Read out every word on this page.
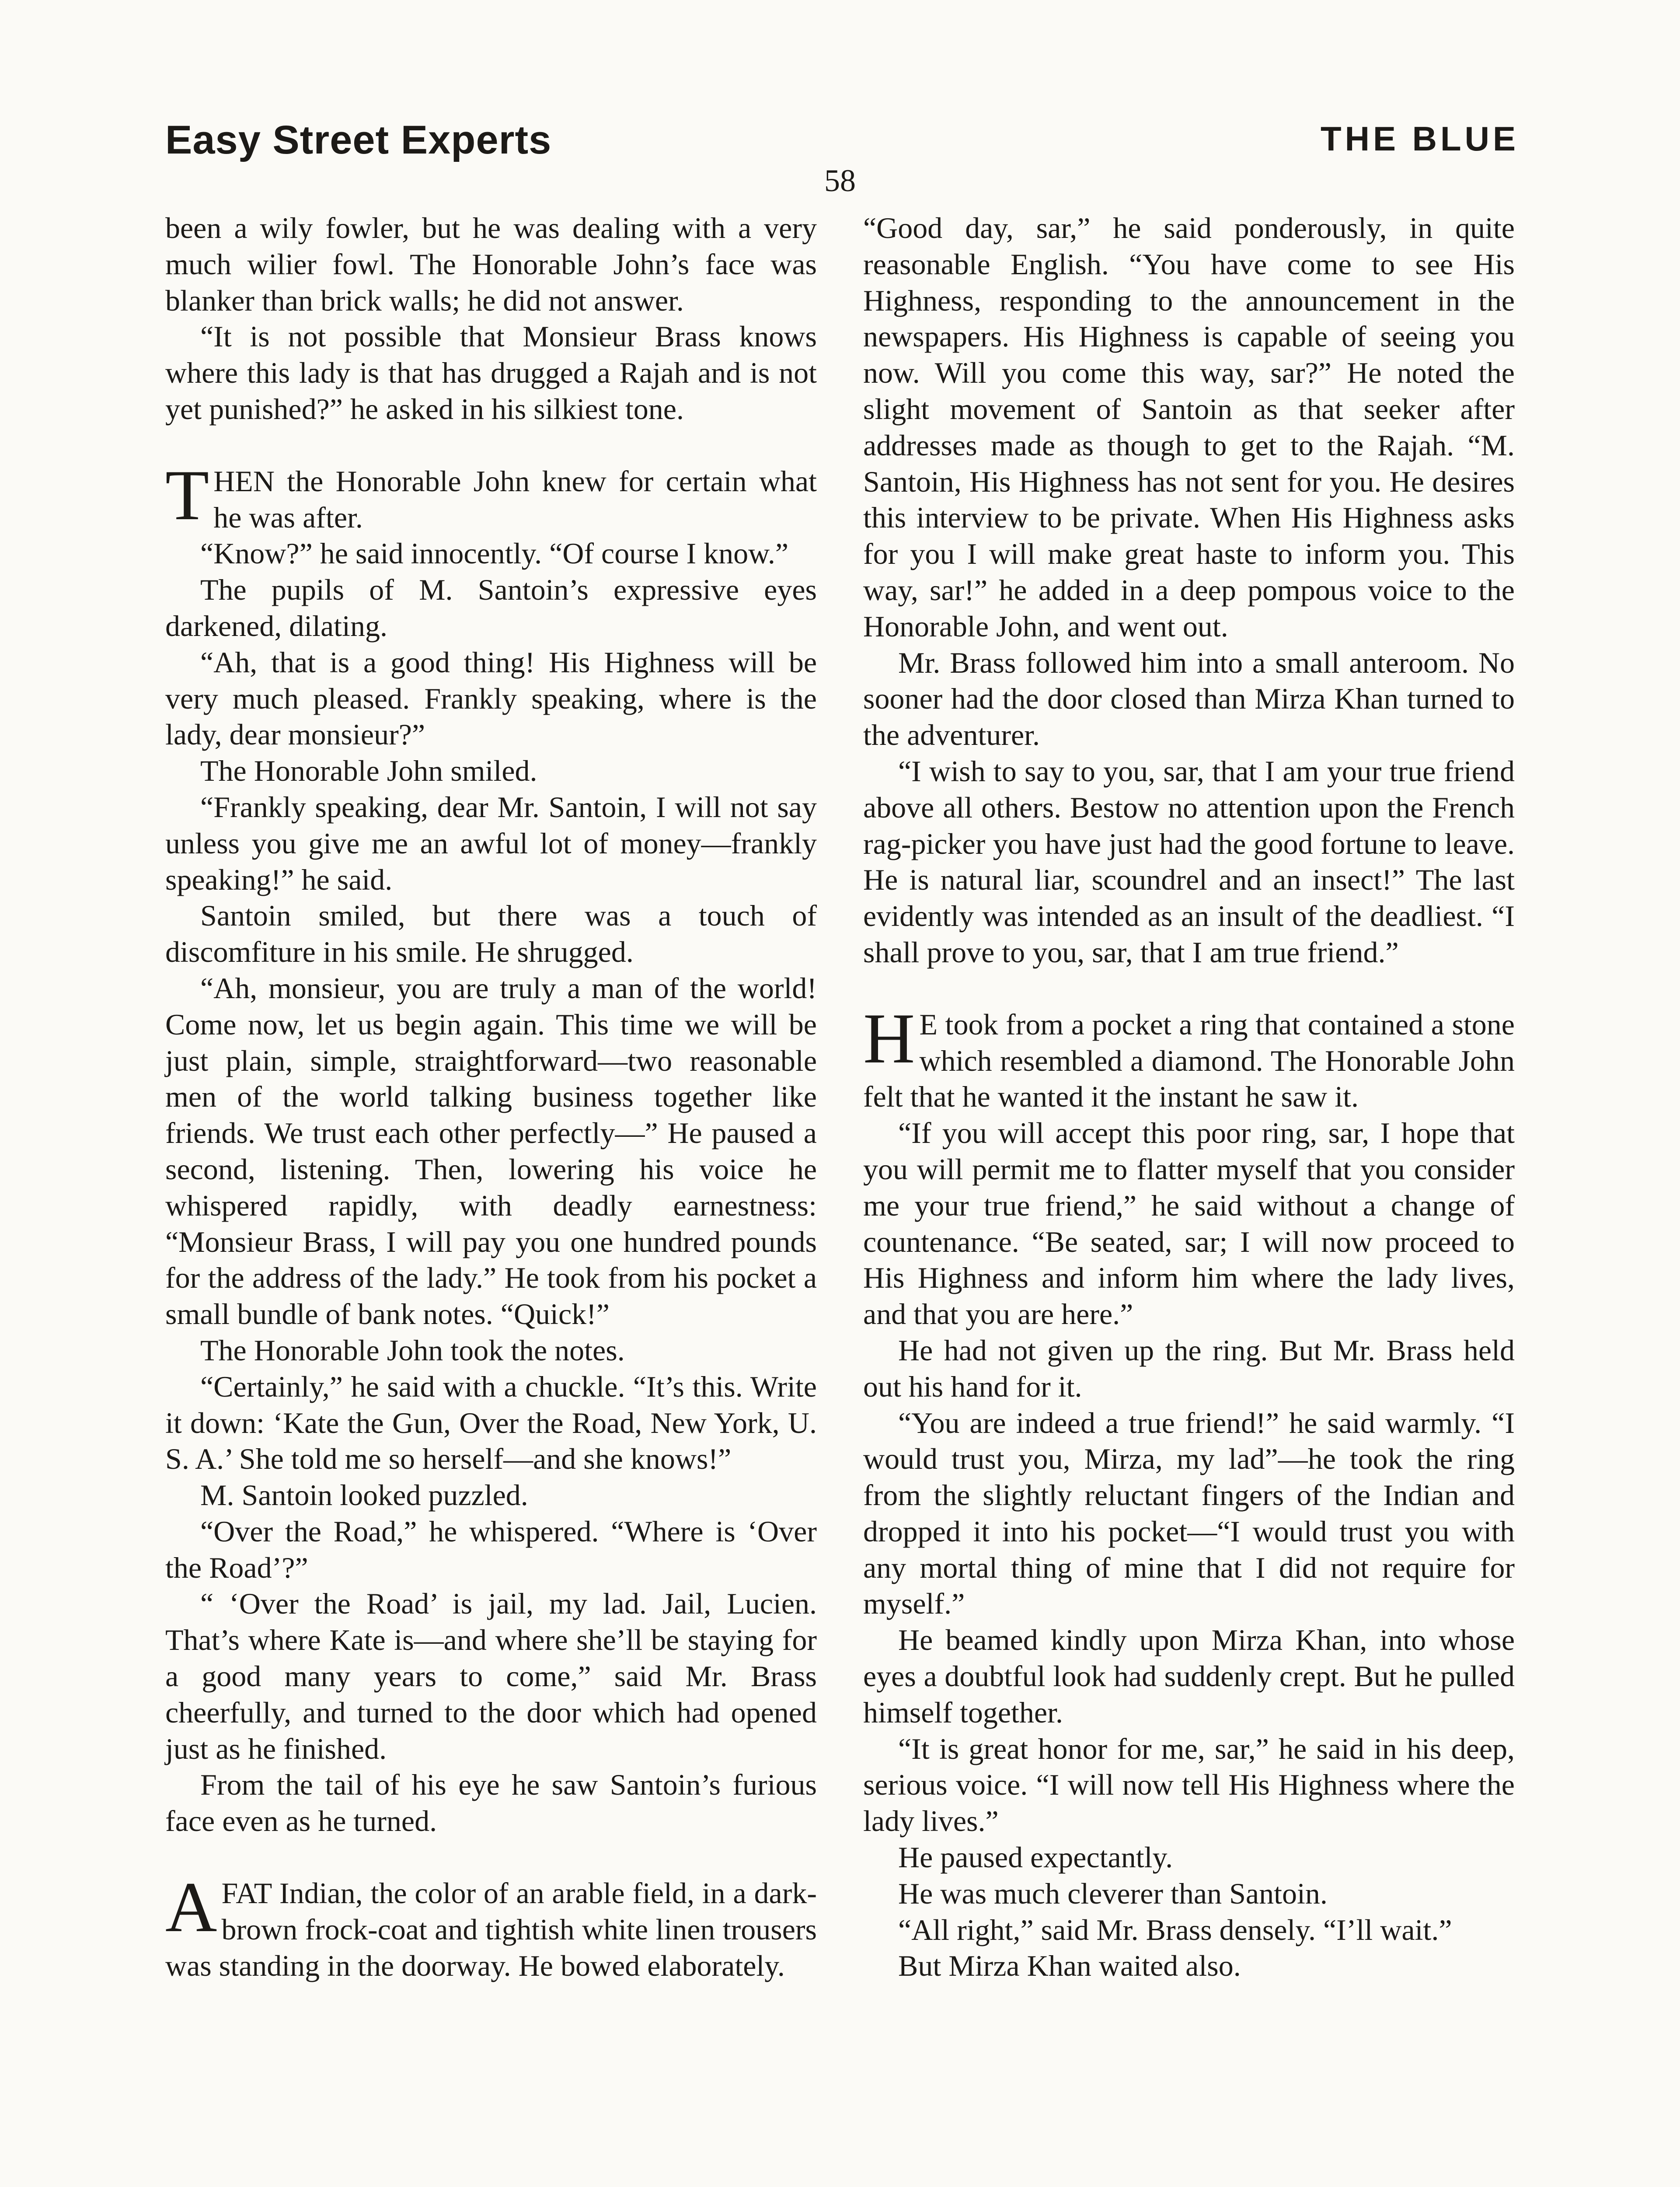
Easy Street Experts	THE BLUE
58

been a wily fowler, but he was dealing with a very much wilier fowl. The Honorable John’s face was blanker than brick walls; he did not answer.

“It is not possible that Monsieur Brass knows where this lady is that has drugged a Rajah and is not yet punished?” he asked in his silkiest tone.

THEN the Honorable John knew for certain what he was after.

“Know?” he said innocently. “Of course I know.”

The pupils of M. Santoin’s expressive eyes darkened, dilating.

“Ah, that is a good thing! His Highness will be very much pleased. Frankly speaking, where is the lady, dear monsieur?”

The Honorable John smiled.

“Frankly speaking, dear Mr. Santoin, I will not say unless you give me an awful lot of money—frankly speaking!” he said.

Santoin smiled, but there was a touch of discomfiture in his smile. He shrugged.

“Ah, monsieur, you are truly a man of the world! Come now, let us begin again. This time we will be just plain, simple, straightforward—two reasonable men of the world talking business together like friends. We trust each other perfectly—” He paused a second, listening. Then, lowering his voice he whispered rapidly, with deadly earnestness: “Monsieur Brass, I will pay you one hundred pounds for the address of the lady.” He took from his pocket a small bundle of bank notes. “Quick!”

The Honorable John took the notes.

“Certainly,” he said with a chuckle. “It’s this. Write it down: ‘Kate the Gun, Over the Road, New York, U. S. A.’ She told me so herself—and she knows!”

M. Santoin looked puzzled.

“Over the Road,” he whispered. “Where is ‘Over the Road’?”

“ ‘Over the Road’ is jail, my lad. Jail, Lucien. That’s where Kate is—and where she’ll be staying for a good many years to come,” said Mr. Brass cheerfully, and turned to the door which had opened just as he finished.

From the tail of his eye he saw Santoin’s furious face even as he turned.

A FAT Indian, the color of an arable field, in a dark-brown frock-coat and tightish white linen trousers was standing in the doorway. He bowed elaborately.

“Good day, sar,” he said ponderously, in quite reasonable English. “You have come to see His Highness, responding to the announcement in the newspapers. His Highness is capable of seeing you now. Will you come this way, sar?” He noted the slight movement of Santoin as that seeker after addresses made as though to get to the Rajah. “M. Santoin, His Highness has not sent for you. He desires this interview to be private. When His Highness asks for you I will make great haste to inform you. This way, sar!” he added in a deep pompous voice to the Honorable John, and went out.

Mr. Brass followed him into a small anteroom. No sooner had the door closed than Mirza Khan turned to the adventurer.

“I wish to say to you, sar, that I am your true friend above all others. Bestow no attention upon the French rag-picker you have just had the good fortune to leave. He is natural liar, scoundrel and an insect!” The last evidently was intended as an insult of the deadliest. “I shall prove to you, sar, that I am true friend.”

H E took from a pocket a ring that contained a stone which resembled a diamond. The Honorable John felt that he wanted it the instant he saw it.

“If you will accept this poor ring, sar, I hope that you will permit me to flatter myself that you consider me your true friend,” he said without a change of countenance. “Be seated, sar; I will now proceed to His Highness and inform him where the lady lives, and that you are here.”

He had not given up the ring. But Mr. Brass held out his hand for it.

“You are indeed a true friend!” he said warmly. “I would trust you, Mirza, my lad”—he took the ring from the slightly reluctant fingers of the Indian and dropped it into his pocket—“I would trust you with any mortal thing of mine that I did not require for myself.”

He beamed kindly upon Mirza Khan, into whose eyes a doubtful look had suddenly crept. But he pulled himself together.

“It is great honor for me, sar,” he said in his deep, serious voice. “I will now tell His Highness where the lady lives.”

He paused expectantly.

He was much cleverer than Santoin.

“All right,” said Mr. Brass densely. “I’ll wait.”

But Mirza Khan waited also.
